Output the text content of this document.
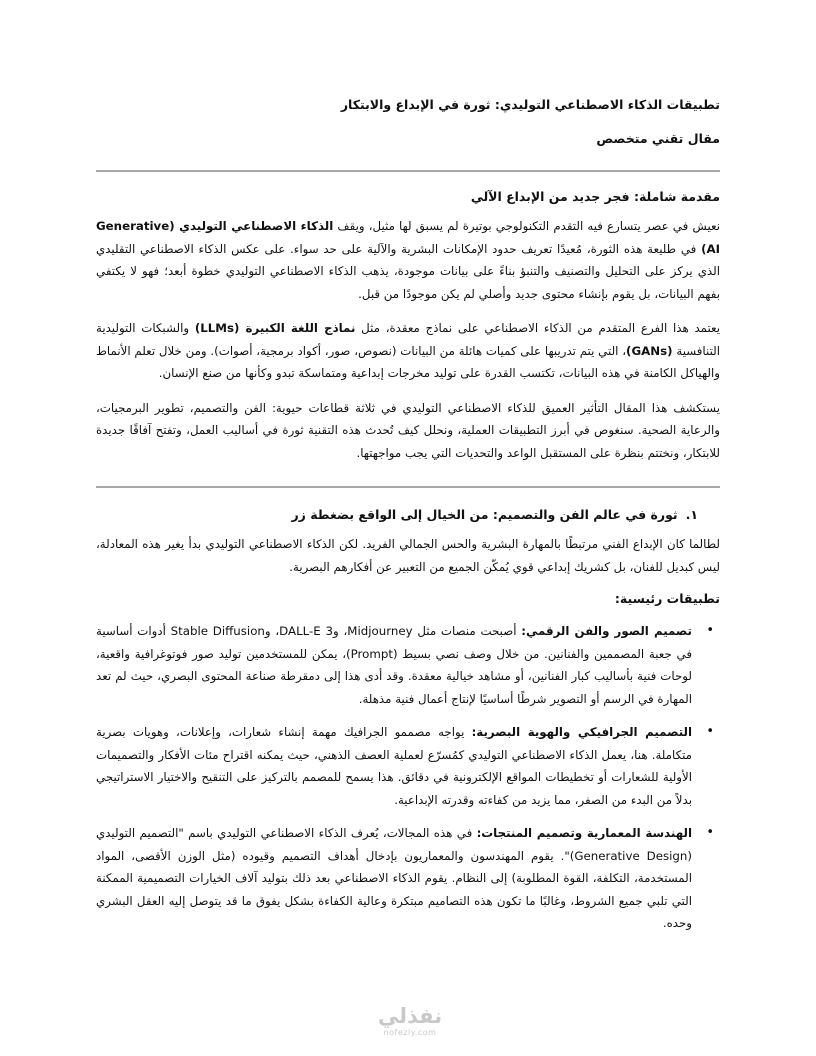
تطبيقات الذكاء الاصطناعي التوليدي: ثورة في الإبداع والابتكار
مقال تقني متخصص
مقدمة شاملة: فجر جديد من الإبداع الآلي

نعيش في عصر يتسارع فيه التقدم التكنولوجي بوتيرة لم يسبق لها مثيل، ويقف الذكاء الاصطناعي التوليدي (Generative AI) في طليعة هذه الثورة، مُعيدًا تعريف حدود الإمكانات البشرية والآلية على حد سواء. على عكس الذكاء الاصطناعي التقليدي الذي يركز على التحليل والتصنيف والتنبؤ بناءً على بيانات موجودة، يذهب الذكاء الاصطناعي التوليدي خطوة أبعد؛ فهو لا يكتفي بفهم البيانات، بل يقوم بإنشاء محتوى جديد وأصلي لم يكن موجودًا من قبل.

يعتمد هذا الفرع المتقدم من الذكاء الاصطناعي على نماذج معقدة، مثل نماذج اللغة الكبيرة (LLMs) والشبكات التوليدية التنافسية (GANs)، التي يتم تدريبها على كميات هائلة من البيانات (نصوص، صور، أكواد برمجية، أصوات). ومن خلال تعلم الأنماط والهياكل الكامنة في هذه البيانات، تكتسب القدرة على توليد مخرجات إبداعية ومتماسكة تبدو وكأنها من صنع الإنسان.

يستكشف هذا المقال التأثير العميق للذكاء الاصطناعي التوليدي في ثلاثة قطاعات حيوية: الفن والتصميم، تطوير البرمجيات، والرعاية الصحية. سنغوص في أبرز التطبيقات العملية، ونحلل كيف تُحدث هذه التقنية ثورة في أساليب العمل، وتفتح آفاقًا جديدة للابتكار، ونختتم بنظرة على المستقبل الواعد والتحديات التي يجب مواجهتها.

١.ثورة في عالم الفن والتصميم: من الخيال إلى الواقع بضغطة زر

لطالما كان الإبداع الفني مرتبطًا بالمهارة البشرية والحس الجمالي الفريد. لكن الذكاء الاصطناعي التوليدي بدأ يغير هذه المعادلة، ليس كبديل للفنان، بل كشريك إبداعي قوي يُمكّن الجميع من التعبير عن أفكارهم البصرية.

تطبيقات رئيسية:
•
تصميم الصور والفن الرقمي: أصبحت منصات مثل Midjourney، وDALL-E 3، وStable Diffusion أدوات أساسية في جعبة المصممين والفنانين. من خلال وصف نصي بسيط (Prompt)، يمكن للمستخدمين توليد صور فوتوغرافية واقعية، لوحات فنية بأساليب كبار الفنانين، أو مشاهد خيالية معقدة. وقد أدى هذا إلى دمقرطة صناعة المحتوى البصري، حيث لم تعد المهارة في الرسم أو التصوير شرطًا أساسيًا لإنتاج أعمال فنية مذهلة.
•
التصميم الجرافيكي والهوية البصرية: يواجه مصممو الجرافيك مهمة إنشاء شعارات، وإعلانات، وهويات بصرية متكاملة. هنا، يعمل الذكاء الاصطناعي التوليدي كمُسرّع لعملية العصف الذهني، حيث يمكنه اقتراح مئات الأفكار والتصميمات الأولية للشعارات أو تخطيطات المواقع الإلكترونية في دقائق. هذا يسمح للمصمم بالتركيز على التنقيح والاختيار الاستراتيجي بدلاً من البدء من الصفر، مما يزيد من كفاءته وقدرته الإبداعية.
•
الهندسة المعمارية وتصميم المنتجات: في هذه المجالات، يُعرف الذكاء الاصطناعي التوليدي باسم "التصميم التوليدي (Generative Design)". يقوم المهندسون والمعماريون بإدخال أهداف التصميم وقيوده (مثل الوزن الأقصى، المواد المستخدمة، التكلفة، القوة المطلوبة) إلى النظام. يقوم الذكاء الاصطناعي بعد ذلك بتوليد آلاف الخيارات التصميمية الممكنة التي تلبي جميع الشروط، وغالبًا ما تكون هذه التصاميم مبتكرة وعالية الكفاءة بشكل يفوق ما قد يتوصل إليه العقل البشري وحده.
نفذلي
nofezly.com
